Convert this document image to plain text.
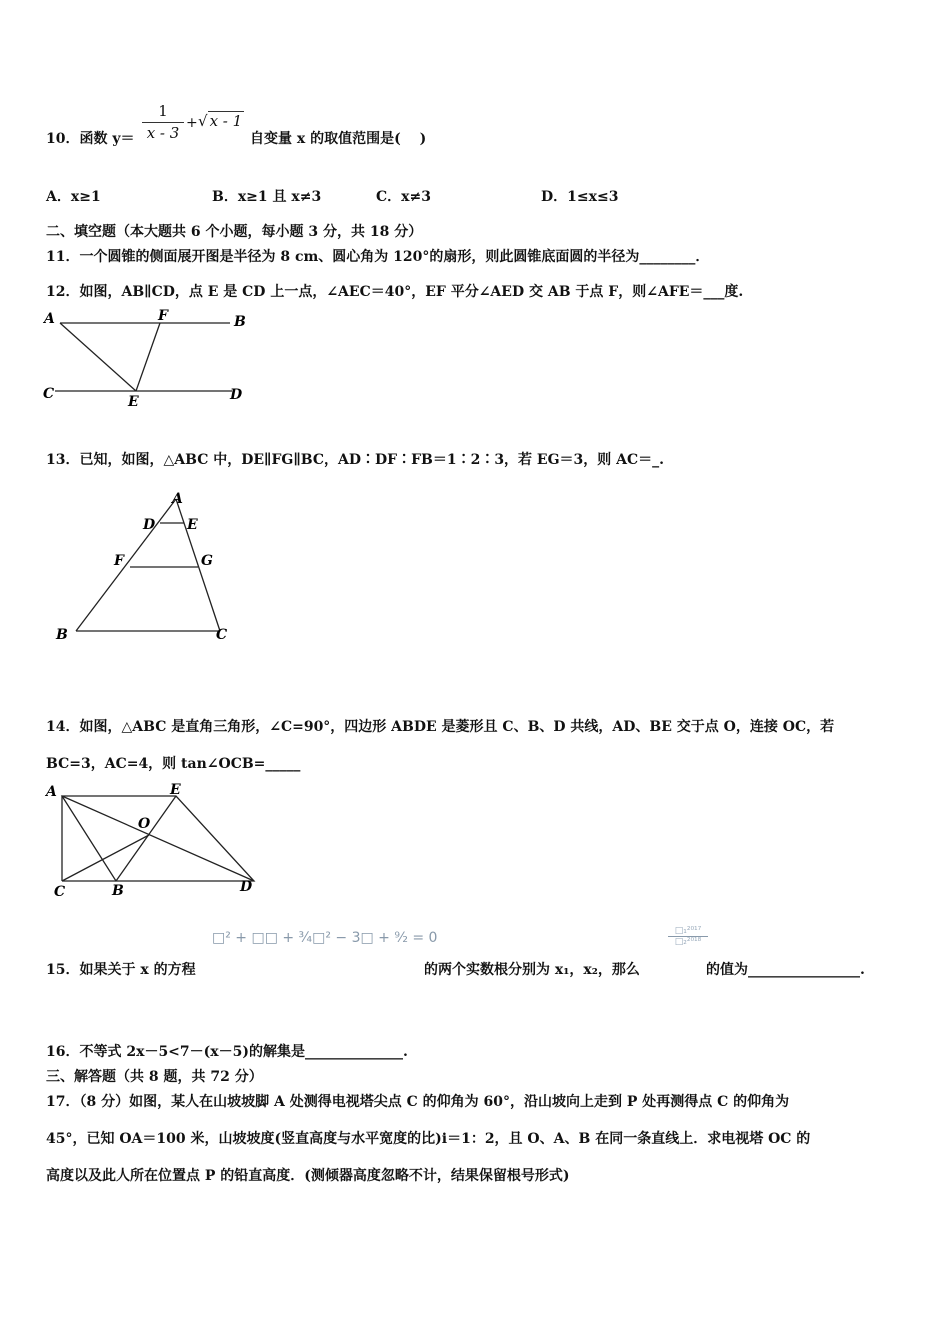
10．函数 $y= \frac{1}{x - 3}$ + √ x - 1
自变量 x 的取值范围是(　 )
A．x≥1	B．x≥1 且 x≠3	C．x≠3	D．1≤x≤3
二、填空题（本大题共 6 个小题，每小题 3 分，共 18 分）
11．一个圆锥的侧面展开图是半径为 8 cm、圆心角为 120°的扇形，则此圆锥底面圆的半径为________．
12．如图，AB∥CD，点 E 是 CD 上一点，∠AEC＝40°，EF 平分∠AED 交 AB 于点 F，则∠AFE＝___度.
A	F	B
C	E	D
13．已知，如图，△ABC 中，DE∥FG∥BC，AD∶DF∶FB＝1∶2∶3，若 EG＝3，则 AC＝_.
A
D E
F	G
B	C
14．如图，△ABC 是直角三角形，∠C=90°，四边形 ABDE 是菱形且 C、B、D 共线，AD、BE 交于点 O，连接 OC，若
BC=3，AC=4，则 tan∠OCB=_____
A	E
O
C	B	D
□² + □□ + ¾□² − 3□ + ⁹⁄₂ = 0
15．如果关于 x 的方程	的两个实数根分别为 x₁，x₂，那么
□₁²⁰¹⁷
□₂²⁰¹⁸
的值为________________.
16．不等式 2x－5<7－(x－5)的解集是______________.
三、解答题（共 8 题，共 72 分）
17．（8 分）如图，某人在山坡坡脚 A 处测得电视塔尖点 C 的仰角为 60°，沿山坡向上走到 P 处再测得点 C 的仰角为
45°，已知 OA＝100 米，山坡坡度(竖直高度与水平宽度的比)i＝1：2，且 O、A、B 在同一条直线上．求电视塔 OC 的
高度以及此人所在位置点 P 的铅直高度．(测倾器高度忽略不计，结果保留根号形式)
